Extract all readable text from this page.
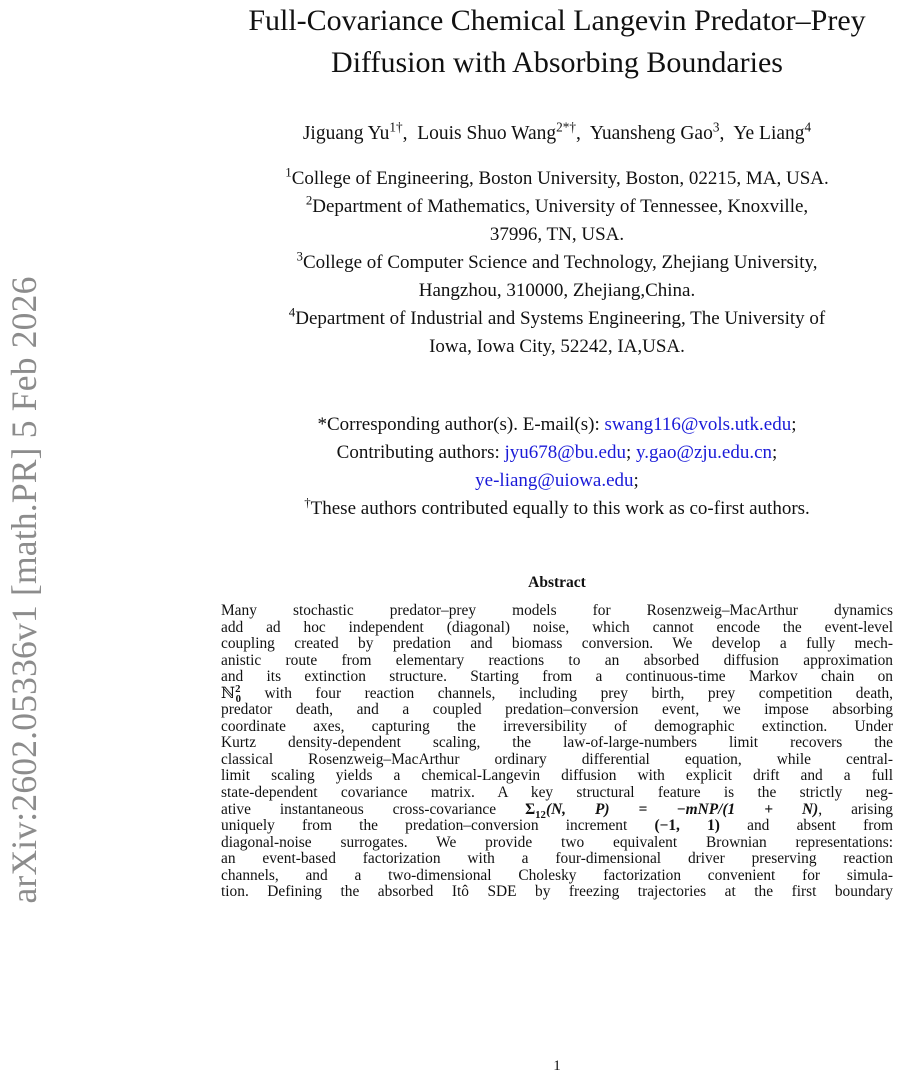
arXiv:2602.05336v1 [math.PR] 5 Feb 2026
Full-Covariance Chemical Langevin Predator–Prey
Diffusion with Absorbing Boundaries
Jiguang $Yu^{1\dagger}$,  Louis Shuo Wang$^{2*\dagger}$,  Yuansheng Gao$^3$,  Ye Liang$^4$
$^1$College of Engineering, Boston University, Boston, 02215, MA, USA.
$^2$Department of Mathematics, University of Tennessee, Knoxville,
37996, TN, USA.
$^3$College of Computer Science and Technology, Zhejiang University,
Hangzhou, 310000, Zhejiang,China.
$^4$Department of Industrial and Systems Engineering, The University of
Iowa, Iowa City, 52242, IA,USA.
*Corresponding author(s). E-mail(s): swang116@vols.utk.edu;
Contributing authors: jyu678@bu.edu; y.gao@zju.edu.cn;
ye-liang@uiowa.edu;
†These authors contributed equally to this work as co-first authors.
Abstract
Many stochastic predator–prey models for Rosenzweig–MacArthur dynamics
add ad hoc independent (diagonal) noise, which cannot encode the event-level
coupling created by predation and biomass conversion. We develop a fully mech-
anistic route from elementary reactions to an absorbed diffusion approximation
and its extinction structure. Starting from a continuous-time Markov chain on
ℕ$^2_0$ with four reaction channels, including prey birth, prey competition death,
predator death, and a coupled predation–conversion event, we impose absorbing
coordinate axes, capturing the irreversibility of demographic extinction. Under
Kurtz density-dependent scaling, the law-of-large-numbers limit recovers the
classical Rosenzweig–MacArthur ordinary differential equation, while central-
limit scaling yields a chemical-Langevin diffusion with explicit drift and a full
state-dependent covariance matrix. A key structural feature is the strictly neg-
ative instantaneous cross-covariance $\Sigma_{12}(N$, P) = −mNP/(1 + N), arising
uniquely from the predation–conversion increment (−1, 1) and absent from
diagonal-noise surrogates. We provide two equivalent Brownian representations:
an event-based factorization with a four-dimensional driver preserving reaction
channels, and a two-dimensional Cholesky factorization convenient for simula-
tion. Defining the absorbed Itô SDE by freezing trajectories at the first boundary
1
